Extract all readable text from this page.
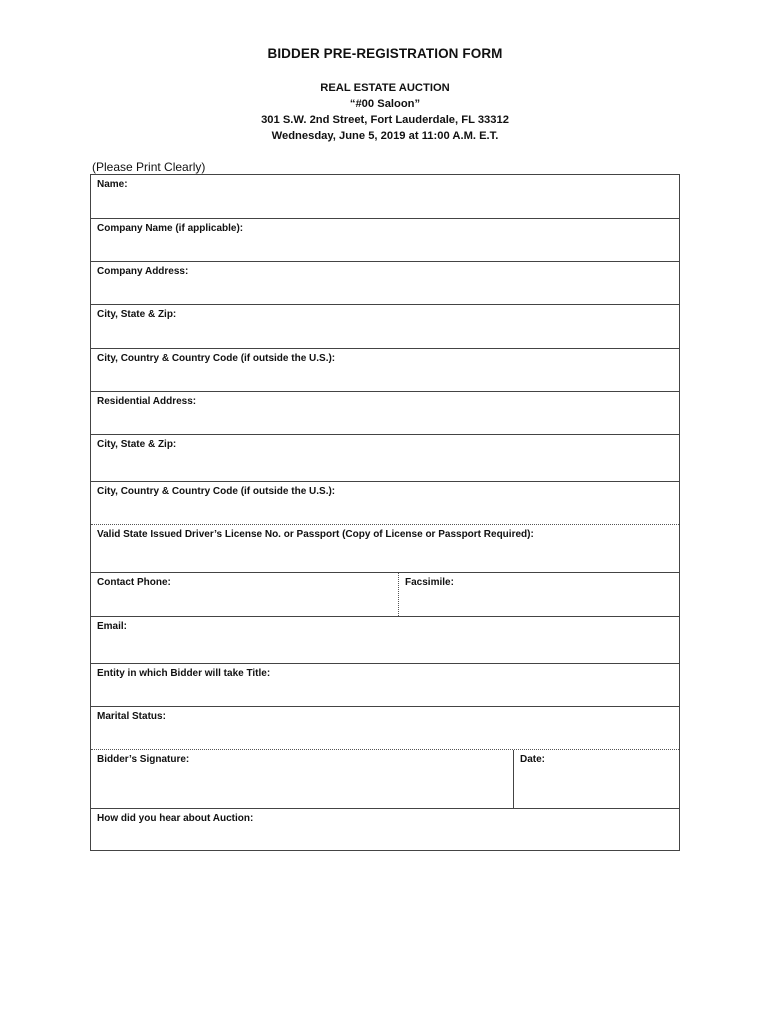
BIDDER PRE-REGISTRATION FORM
REAL ESTATE AUCTION
“#00 Saloon”
301 S.W. 2nd Street, Fort Lauderdale, FL 33312
Wednesday, June 5, 2019 at 11:00 A.M. E.T.
(Please Print Clearly)
Name:
Company Name (if applicable):
Company Address:
City, State & Zip:
City, Country & Country Code (if outside the U.S.):
Residential Address:
City, State & Zip:
City, Country & Country Code (if outside the U.S.):
Valid State Issued Driver’s License No. or Passport (Copy of License or Passport Required):
Contact Phone:	Facsimile:
Email:
Entity in which Bidder will take Title:
Marital Status:
Bidder’s Signature:	Date:
How did you hear about Auction:
